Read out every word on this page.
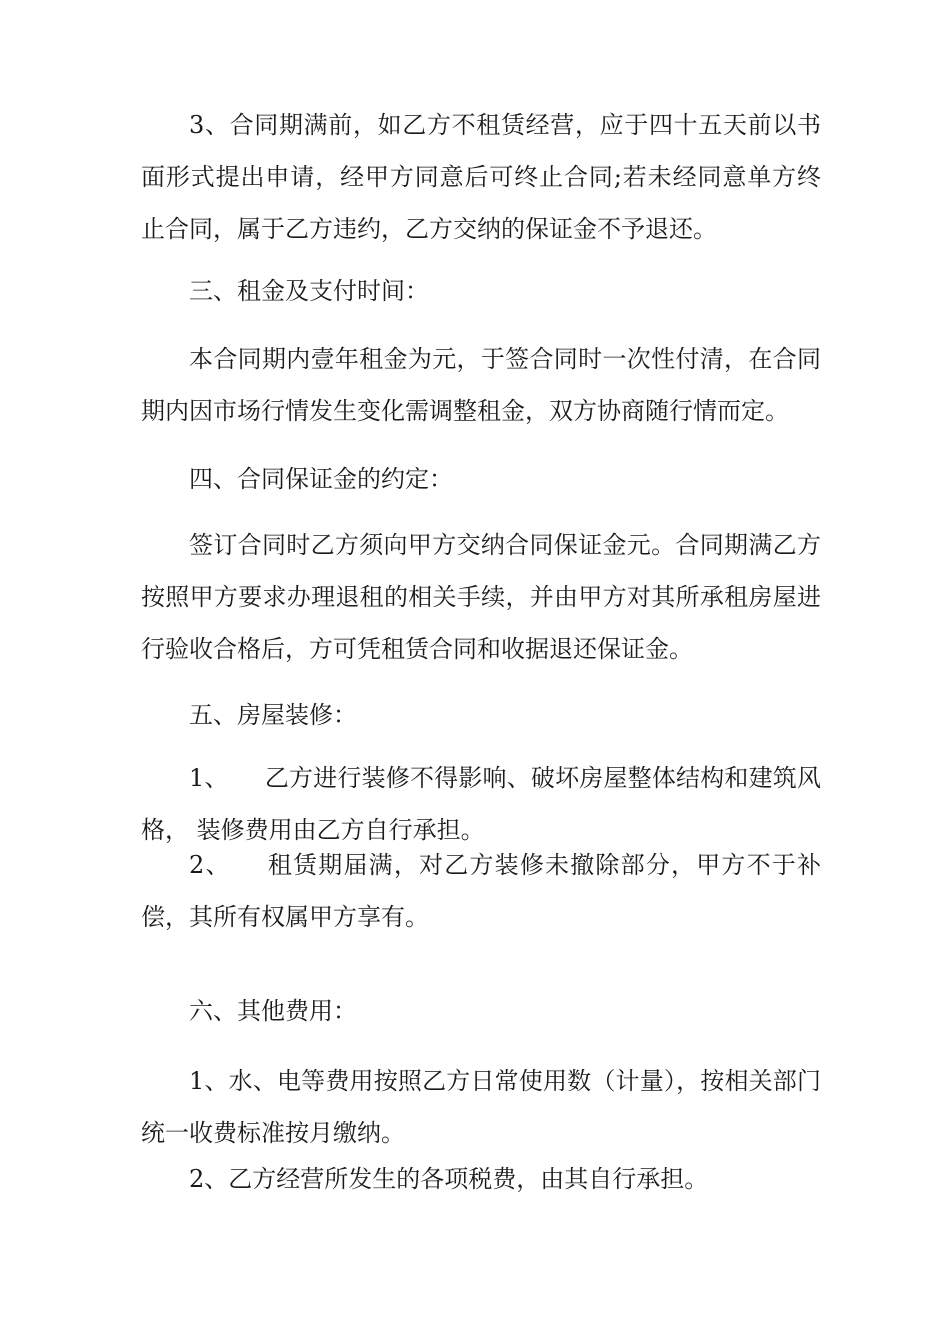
3、合同期满前，如乙方不租赁经营，应于四十五天前以书面形式提出申请，经甲方同意后可终止合同;若未经同意单方终 止合同，属于乙方违约，乙方交纳的保证金不予退还。

三、租金及支付时间：

本合同期内壹年租金为元，于签合同时一次性付清，在合同期内因市场行情发生变化需调整租金，双方协商随行情而定。

四、合同保证金的约定：

签订合同时乙方须向甲方交纳合同保证金元。合同期满乙方按照甲方要求办理退租的相关手续，并由甲方对其所承租房屋进行验收合格后，方可凭租赁合同和收据退还保证金。

五、房屋装修：

1、 乙方进行装修不得影响、破坏房屋整体结构和建筑风格， 装修费用由乙方自行承担。

2、 租赁期届满，对乙方装修未撤除部分，甲方不于补偿，其所有权属甲方享有。

六、其他费用：

1、水、电等费用按照乙方日常使用数（计量），按相关部门统一收费标准按月缴纳。

2、乙方经营所发生的各项税费，由其自行承担。
